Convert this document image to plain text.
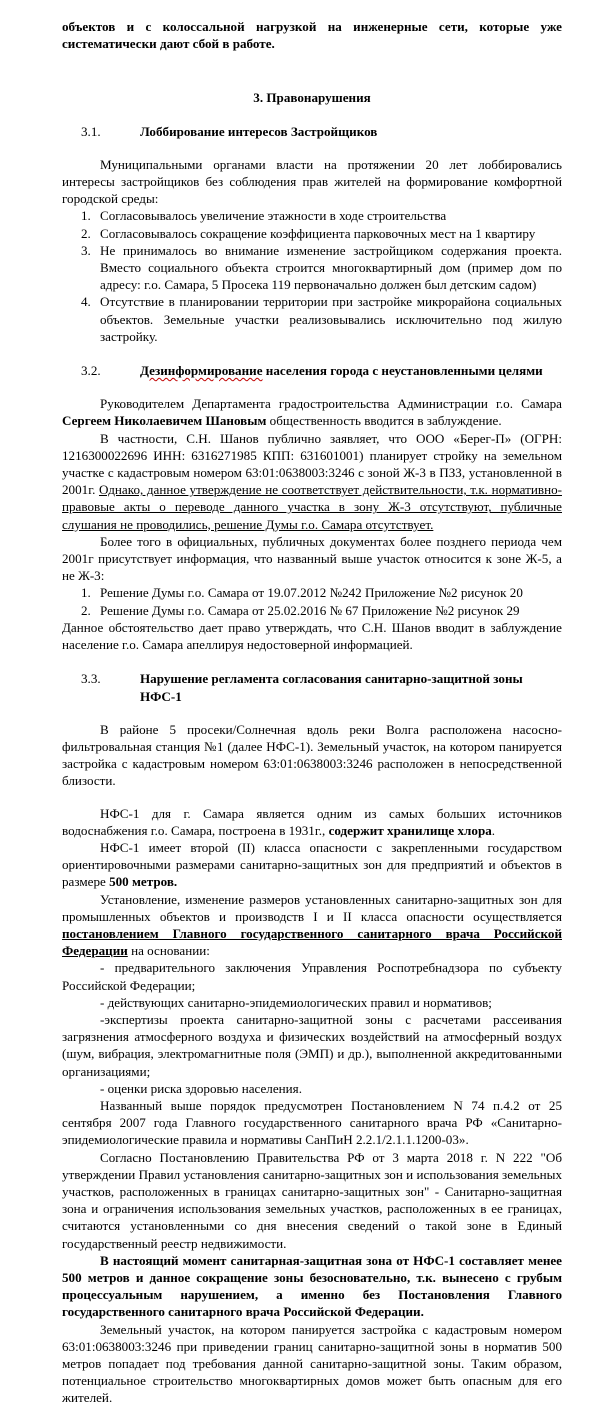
объектов и с колоссальной нагрузкой на инженерные сети, которые уже систематически дают сбой в работе.

3. Правонарушения
3.1.	Лоббирование интересов Застройщиков

Муниципальными органами власти на протяжении 20 лет лоббировались интересы застройщиков без соблюдения прав жителей на формирование комфортной городской среды:

1. Согласовывалось увеличение этажности в ходе строительства
2. Согласовывалось сокращение коэффициента парковочных мест на 1 квартиру
3. Не принималось во внимание изменение застройщиком содержания проекта. Вместо социального объекта строится многоквартирный дом (пример дом по адресу: г.о. Самара, 5 Просека 119 первоначально должен был детским садом)
4. Отсутствие в планировании территории при застройке микрорайона социальных объектов. Земельные участки реализовывались исключительно под жилую застройку.
3.2.	Дезинформирование населения города с неустановленными целями

Руководителем Департамента градостроительства Администрации г.о. Самара Сергеем Николаевичем Шановым общественность вводится в заблуждение.

В частности, С.Н. Шанов публично заявляет, что ООО «Берег-П» (ОГРН: 1216300022696 ИНН: 6316271985 КПП: 631601001) планирует стройку на земельном участке с кадастровым номером 63:01:0638003:3246 с зоной Ж-3 в ПЗЗ, установленной в 2001г. Однако, данное утверждение не соответствует действительности, т.к. нормативно-правовые акты о переводе данного участка в зону Ж-3 отсутствуют, публичные слушания не проводились, решение Думы г.о. Самара отсутствует.

Более того в официальных, публичных документах более позднего периода чем 2001г присутствует информация, что названный выше участок относится к зоне Ж-5, а не Ж-3:

1. Решение Думы г.о. Самара от 19.07.2012 №242 Приложение №2 рисунок 20
2. Решение Думы г.о. Самара от 25.02.2016 № 67 Приложение №2 рисунок 29

Данное обстоятельство дает право утверждать, что С.Н. Шанов вводит в заблуждение население г.о. Самара апеллируя недостоверной информацией.

3.3.	Нарушение регламента согласования санитарно-защитной зоны НФС-1

В районе 5 просеки/Солнечная вдоль реки Волга расположена насосно-фильтровальная станция №1 (далее НФС-1). Земельный участок, на котором панируется застройка с кадастровым номером 63:01:0638003:3246 расположен в непосредственной близости.

НФС-1 для г. Самара является одним из самых больших источников водоснабжения г.о. Самара, построена в 1931г., содержит хранилище хлора.

НФС-1 имеет второй (II) класса опасности с закрепленными государством ориентировочными размерами санитарно-защитных зон для предприятий и объектов в размере 500 метров.

Установление, изменение размеров установленных санитарно-защитных зон для промышленных объектов и производств I и II класса опасности осуществляется постановлением Главного государственного санитарного врача Российской Федерации на основании:

- предварительного заключения Управления Роспотребнадзора по субъекту Российской Федерации;

- действующих санитарно-эпидемиологических правил и нормативов;

-экспертизы проекта санитарно-защитной зоны с расчетами рассеивания загрязнения атмосферного воздуха и физических воздействий на атмосферный воздух (шум, вибрация, электромагнитные поля (ЭМП) и др.), выполненной аккредитованными организациями;

- оценки риска здоровью населения.

Названный выше порядок предусмотрен Постановлением N 74 п.4.2 от 25 сентября 2007 года Главного государственного санитарного врача РФ «Санитарно-эпидемиологические правила и нормативы СанПиН 2.2.1/2.1.1.1200-03».

Согласно Постановлению Правительства РФ от 3 марта 2018 г. N 222 "Об утверждении Правил установления санитарно-защитных зон и использования земельных участков, расположенных в границах санитарно-защитных зон" - Санитарно-защитная зона и ограничения использования земельных участков, расположенных в ее границах, считаются установленными со дня внесения сведений о такой зоне в Единый государственный реестр недвижимости.

В настоящий момент санитарная-защитная зона от НФС-1 составляет менее 500 метров и данное сокращение зоны безосновательно, т.к. вынесено с грубым процессуальным нарушением, а именно без Постановления Главного государственного санитарного врача Российской Федерации.

Земельный участок, на котором панируется застройка с кадастровым номером 63:01:0638003:3246 при приведении границ санитарно-защитной зоны в норматив 500 метров попадает под требования данной санитарно-защитной зоны. Таким образом, потенциальное строительство многоквартирных домов может быть опасным для его жителей.
